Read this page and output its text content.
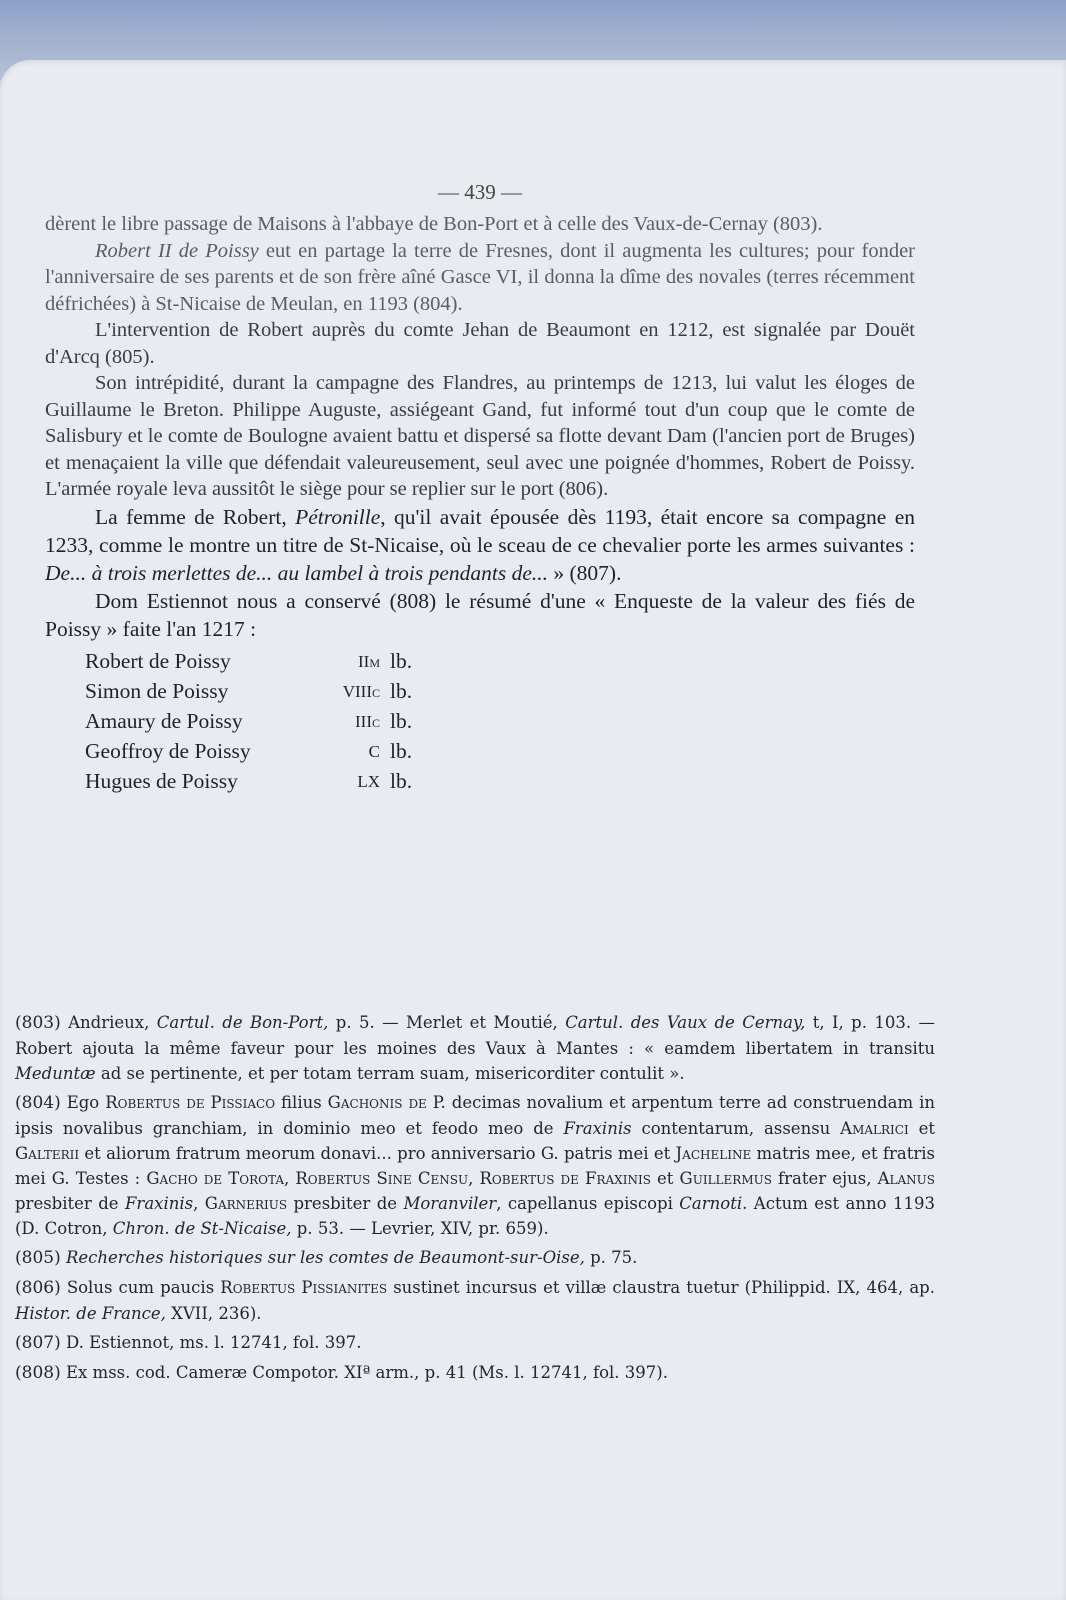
— 439 —

dèrent le libre passage de Maisons à l'abbaye de Bon-Port et à celle des Vaux-de-Cernay (803).

Robert II de Poissy eut en partage la terre de Fresnes, dont il augmenta les cultures; pour fonder l'anniversaire de ses parents et de son frère aîné Gasce VI, il donna la dîme des novales (terres récemment défrichées) à St-Nicaise de Meulan, en 1193 (804).

L'intervention de Robert auprès du comte Jehan de Beaumont en 1212, est signalée par Douët d'Arcq (805).

Son intrépidité, durant la campagne des Flandres, au printemps de 1213, lui valut les éloges de Guillaume le Breton. Philippe Auguste, assiégeant Gand, fut informé tout d'un coup que le comte de Salisbury et le comte de Boulogne avaient battu et dispersé sa flotte devant Dam (l'ancien port de Bruges) et menaçaient la ville que défendait valeureusement, seul avec une poignée d'hommes, Robert de Poissy. L'armée royale leva aussitôt le siège pour se replier sur le port (806).

La femme de Robert, Pétronille, qu'il avait épousée dès 1193, était encore sa compagne en 1233, comme le montre un titre de St-Nicaise, où le sceau de ce chevalier porte les armes suivantes : De... à trois merlettes de... au lambel à trois pendants de... » (807).

Dom Estiennot nous a conservé (808) le résumé d'une « Enqueste de la valeur des fiés de Poissy » faite l'an 1217 :

Robert de Poissy	IIm	lb.
Simon de Poissy	VIIIc	lb.
Amaury de Poissy	IIIc	lb.
Geoffroy de Poissy	C	lb.
Hugues de Poissy	LX	lb.

(803) Andrieux, Cartul. de Bon-Port, p. 5. — Merlet et Moutié, Cartul. des Vaux de Cernay, t, I, p. 103. — Robert ajouta la même faveur pour les moines des Vaux à Mantes : « eamdem libertatem in transitu Meduntæ ad se pertinente, et per totam terram suam, misericorditer contulit ».

(804) Ego Robertus de Pissiaco filius Gachonis de P. decimas novalium et arpentum terre ad construendam in ipsis novalibus granchiam, in dominio meo et feodo meo de Fraxinis contentarum, assensu Amalrici et Galterii et aliorum fratrum meorum donavi... pro anniversario G. patris mei et Jacheline matris mee, et fratris mei G. Testes : Gacho de Torota, Robertus Sine Censu, Robertus de Fraxinis et Guillermus frater ejus, Alanus presbiter de Fraxinis, Garnerius presbiter de Moranviler, capellanus episcopi Carnoti. Actum est anno 1193 (D. Cotron, Chron. de St-Nicaise, p. 53. — Levrier, XIV, pr. 659).

(805) Recherches historiques sur les comtes de Beaumont-sur-Oise, p. 75.

(806) Solus cum paucis Robertus Pissianites sustinet incursus et villæ claustra tuetur (Philippid. IX, 464, ap. Histor. de France, XVII, 236).

(807) D. Estiennot, ms. l. 12741, fol. 397.

(808) Ex mss. cod. Cameræ Compotor. XIª arm., p. 41 (Ms. l. 12741, fol. 397).
